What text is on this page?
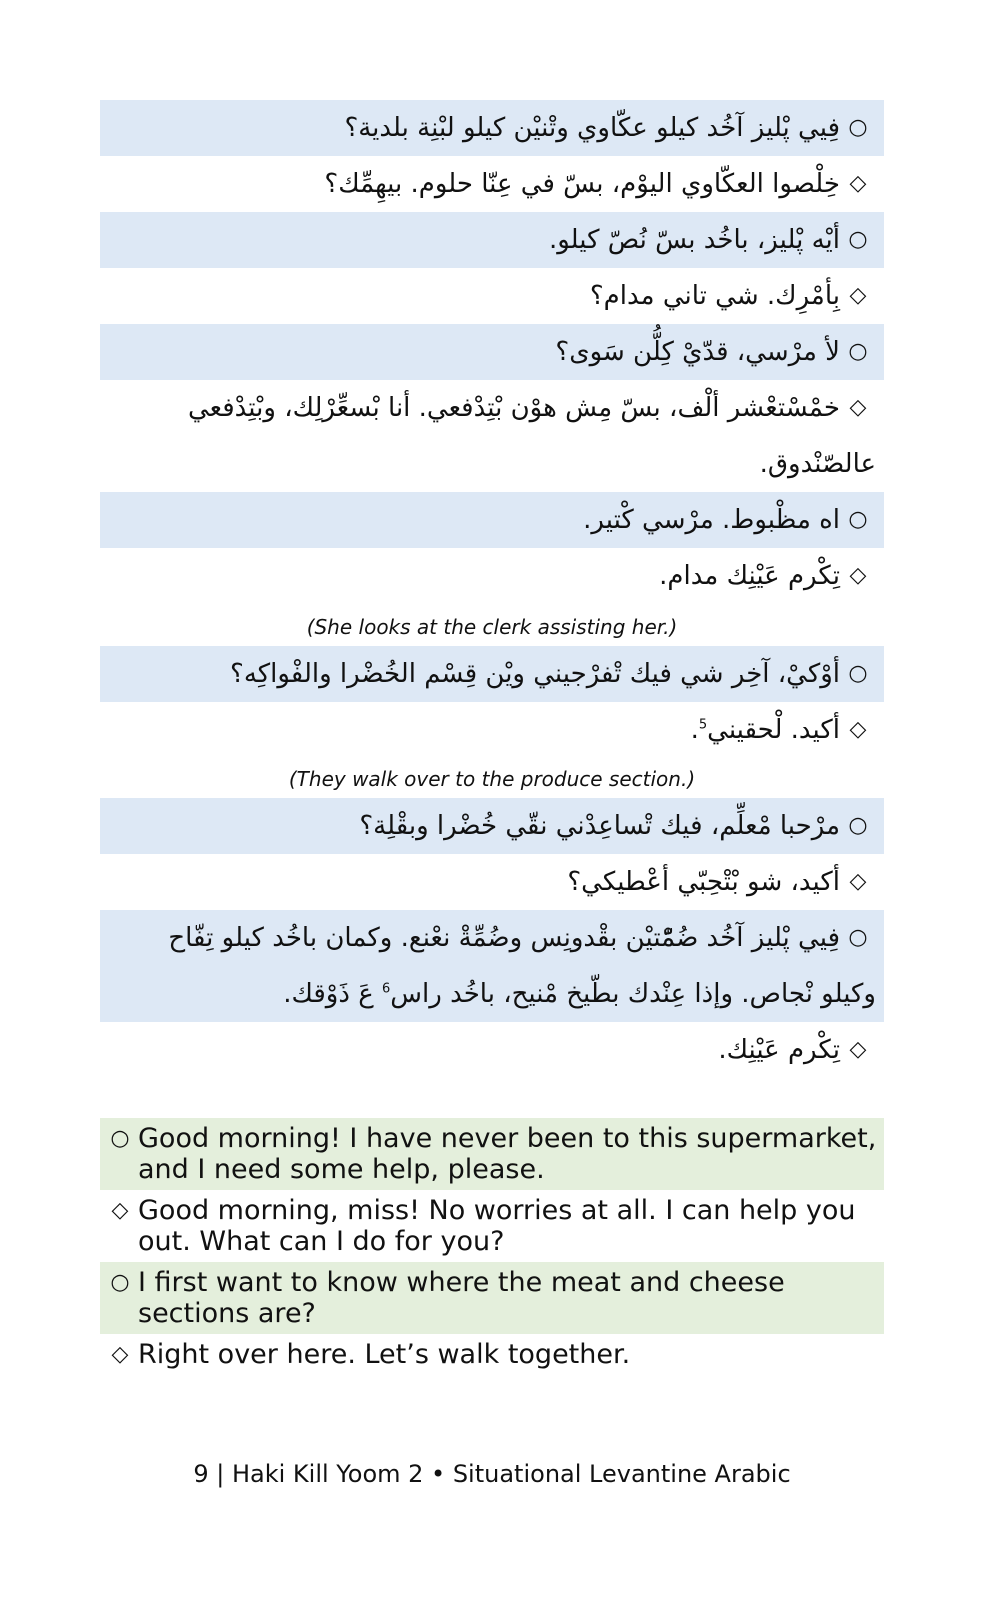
○فِيي پْليز آخُد كيلو عكّاوي وتْنيْن كيلو لبْنِة بلدية؟
◇خِلْصوا العكّاوي اليوْم، بسّ في عِنّا حلوم. بيهِمِّك؟
○أيْه پْليز، باخُد بسّ نُصّ كيلو.
◇بِأمْرِك. شي تاني مدام؟
○لأ مرْسي، قدّيْ كِلُّن سَوى؟
◇خمْسْتعْشر ألْف، بسّ مِش هوْن بْتِدْفعي. أنا بْسعِّرْلِك، وبْتِدْفعي عالصّنْدوق.
○اه مظْبوط. مرْسي كْتير.
◇تِكْرم عَيْنِك مدام.
(She looks at the clerk assisting her.)
○أوْكيْ، آخِر شي فيك تْفرْجيني ويْن قِسْم الخُضْرا والفْواكِه؟
◇أكيد. لْحقيني$^5$.
(They walk over to the produce section.)
○مرْحبا مْعلِّم، فيك تْساعِدْني نقّي خُضْرا وبقْلِة؟
◇أكيد، شو بْتْحِبّي أعْطيكي؟
○فِيي پْليز آخُد ضُمّْتيْن بقْدونِس وضُمِّةْ نعْنع. وكمان باخُد كيلو تِفّاح وكيلو نْجاص. وإذا عِنْدك بطّيخ مْنيح، باخُد راس$^6$ عَ ذَوْقك.
◇تِكْرم عَيْنِك.
○ Good morning! I have never been to this supermarket, and I need some help, please.
◇ Good morning, miss! No worries at all. I can help you out. What can I do for you?
○ I first want to know where the meat and cheese sections are?
◇ Right over here. Let’s walk together.
9 | Haki Kill Yoom 2 • Situational Levantine Arabic
